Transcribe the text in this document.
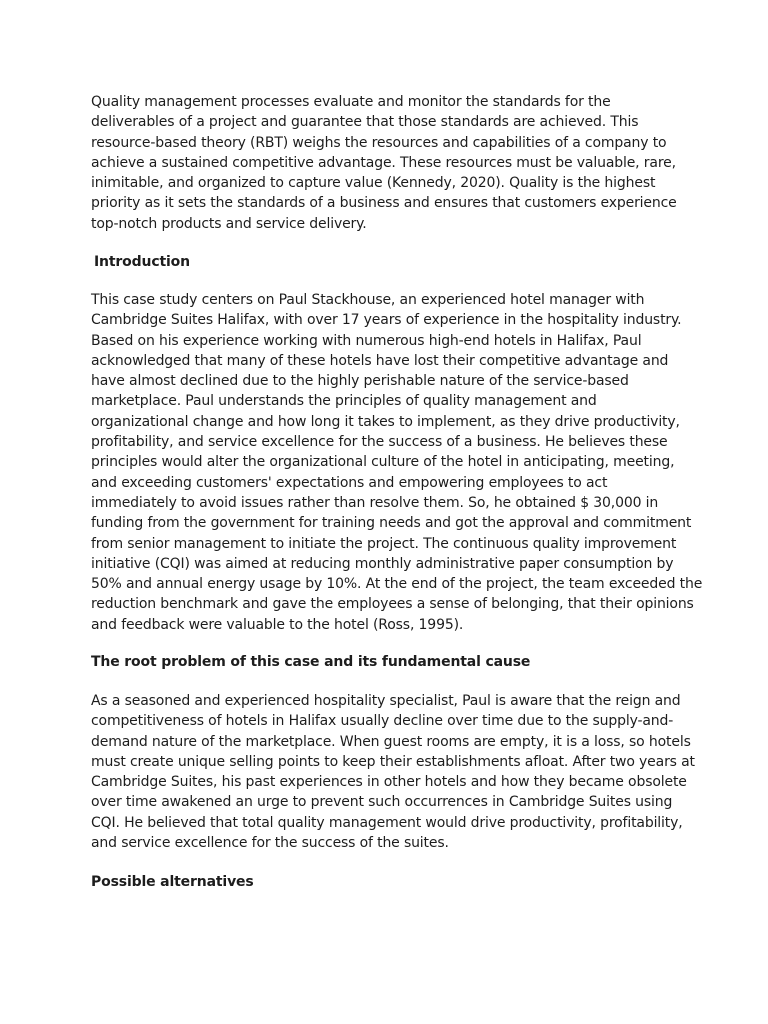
Quality management processes evaluate and monitor the standards for the
deliverables of a project and guarantee that those standards are achieved. This
resource-based theory (RBT) weighs the resources and capabilities of a company to
achieve a sustained competitive advantage. These resources must be valuable, rare,
inimitable, and organized to capture value (Kennedy, 2020). Quality is the highest
priority as it sets the standards of a business and ensures that customers experience
top-notch products and service delivery.

Introduction

This case study centers on Paul Stackhouse, an experienced hotel manager with
Cambridge Suites Halifax, with over 17 years of experience in the hospitality industry.
Based on his experience working with numerous high-end hotels in Halifax, Paul
acknowledged that many of these hotels have lost their competitive advantage and
have almost declined due to the highly perishable nature of the service-based
marketplace. Paul understands the principles of quality management and
organizational change and how long it takes to implement, as they drive productivity,
profitability, and service excellence for the success of a business. He believes these
principles would alter the organizational culture of the hotel in anticipating, meeting,
and exceeding customers' expectations and empowering employees to act
immediately to avoid issues rather than resolve them. So, he obtained $ 30,000 in
funding from the government for training needs and got the approval and commitment
from senior management to initiate the project. The continuous quality improvement
initiative (CQI) was aimed at reducing monthly administrative paper consumption by
50% and annual energy usage by 10%. At the end of the project, the team exceeded the
reduction benchmark and gave the employees a sense of belonging, that their opinions
and feedback were valuable to the hotel (Ross, 1995).

The root problem of this case and its fundamental cause

As a seasoned and experienced hospitality specialist, Paul is aware that the reign and
competitiveness of hotels in Halifax usually decline over time due to the supply-and-
demand nature of the marketplace. When guest rooms are empty, it is a loss, so hotels
must create unique selling points to keep their establishments afloat. After two years at
Cambridge Suites, his past experiences in other hotels and how they became obsolete
over time awakened an urge to prevent such occurrences in Cambridge Suites using
CQI. He believed that total quality management would drive productivity, profitability,
and service excellence for the success of the suites.

Possible alternatives
